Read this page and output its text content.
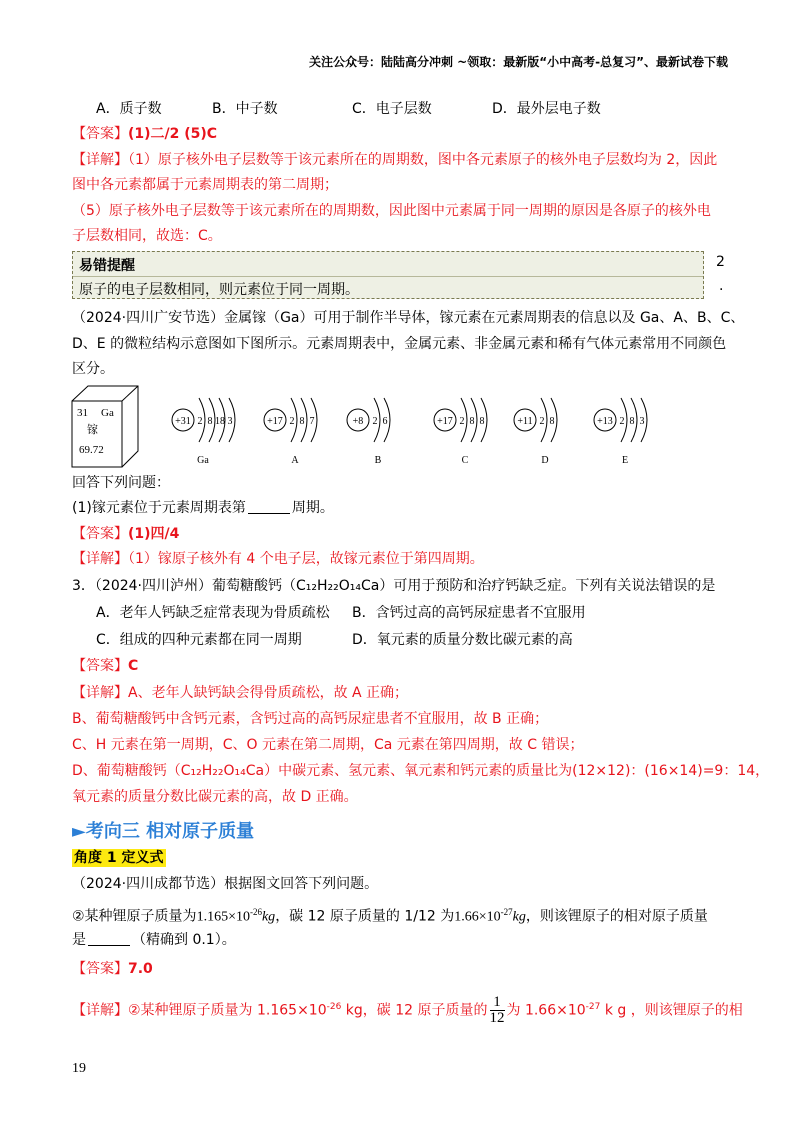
关注公众号：陆陆高分冲刺 ~领取：最新版“小中高考-总复习”、最新试卷下载
A．质子数	B．中子数	C．电子层数	D．最外层电子数
【答案】(1)二/2 (5)C
【详解】（1）原子核外电子层数等于该元素所在的周期数，图中各元素原子的核外电子层数均为 2，因此
图中各元素都属于元素周期表的第二周期；
（5）原子核外电子层数等于该元素所在的周期数，因此图中元素属于同一周期的原因是各原子的核外电
子层数相同，故选：C。
易错提醒
原子的电子层数相同，则元素位于同一周期。
2
.
（2024·四川广安节选）金属镓（Ga）可用于制作半导体，镓元素在元素周期表的信息以及 Ga、A、B、C、
D、E 的微粒结构示意图如下图所示。元素周期表中，金属元素、非金属元素和稀有气体元素常用不同颜色
区分。
31 Ga
镓
69.72
+31 2 8 18 3
Ga
+17 2 8 7
A
+8 2 6
B
+17 2 8 8
C
+11 2 8
D
+13 2 8 3
E
回答下列问题：
(1)镓元素位于元素周期表第	周期。
【答案】(1)四/4
【详解】（1）镓原子核外有 4 个电子层，故镓元素位于第四周期。
3．（2024·四川泸州）葡萄糖酸钙（C₁₂H₂₂O₁₄Ca）可用于预防和治疗钙缺乏症。下列有关说法错误的是
A．老年人钙缺乏症常表现为骨质疏松 B．含钙过高的高钙尿症患者不宜服用
C．组成的四种元素都在同一周期	D．氧元素的质量分数比碳元素的高
【答案】C
【详解】A、老年人缺钙缺会得骨质疏松，故 A 正确；
B、葡萄糖酸钙中含钙元素，含钙过高的高钙尿症患者不宜服用，故 B 正确；
C、H 元素在第一周期，C、O 元素在第二周期，Ca 元素在第四周期，故 C 错误；
D、葡萄糖酸钙（C₁₂H₂₂O₁₄Ca）中碳元素、氢元素、氧元素和钙元素的质量比为(12×12)：(16×14)=9：14，
氧元素的质量分数比碳元素的高，故 D 正确。
►考向三 相对原子质量
角度 1 定义式
（2024·四川成都节选）根据图文回答下列问题。
②某种锂原子质量为$1.165\times 10^{-26}kg$，碳 12 原子质量的 1/12 为$1.66\times 10^{-27}kg$，则该锂原子的相对原子质量
是	（精确到 0.1）。
【答案】7.0
【详解】②某种锂原子质量为 $1.165\times 10^{-26}$ kg，碳 12 原子质量的 $\frac{1}{12}$ 为 $1.66\times 10^{-27}$ k g ，则该锂原子的相
19
